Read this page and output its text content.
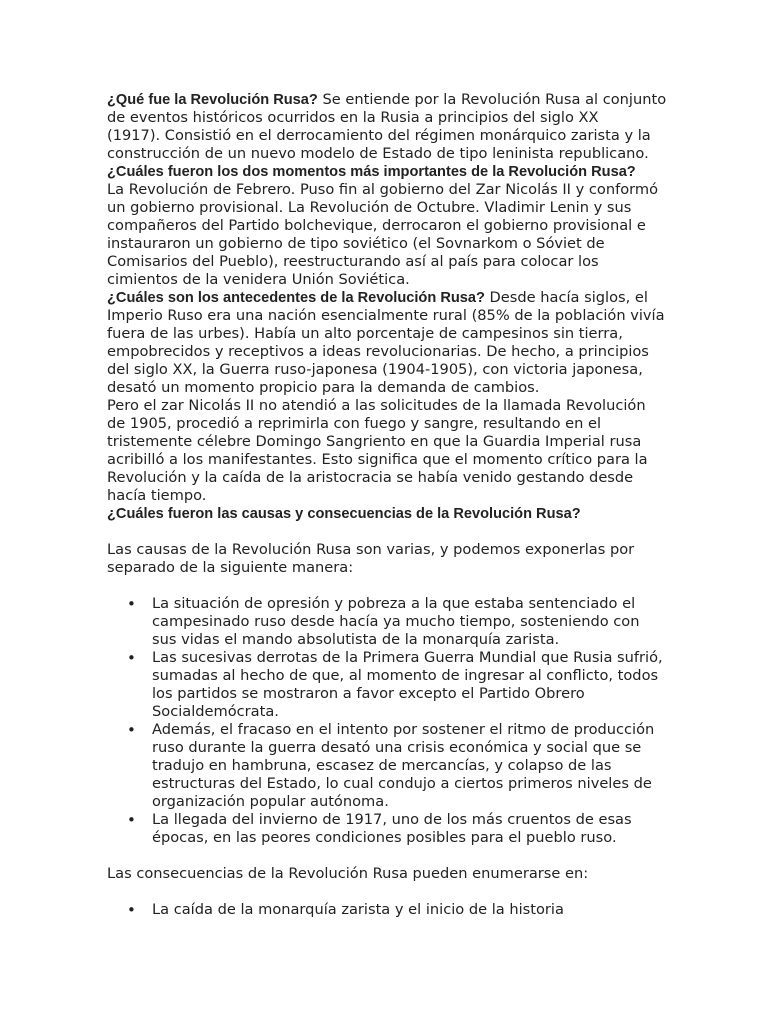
¿Qué fue la Revolución Rusa? Se entiende por la Revolución Rusa al conjunto de eventos históricos ocurridos en la Rusia a principios del siglo XX

(1917). Consistió en el derrocamiento del régimen monárquico zarista y la construcción de un nuevo modelo de Estado de tipo leninista republicano.

¿Cuáles fueron los dos momentos más importantes de la Revolución Rusa?

La Revolución de Febrero. Puso fin al gobierno del Zar Nicolás II y conformó un gobierno provisional. La Revolución de Octubre. Vladimir Lenin y sus compañeros del Partido bolchevique, derrocaron el gobierno provisional e instauraron un gobierno de tipo soviético (el Sovnarkom o Sóviet de Comisarios del Pueblo), reestructurando así al país para colocar los cimientos de la venidera Unión Soviética.

¿Cuáles son los antecedentes de la Revolución Rusa? Desde hacía siglos, el Imperio Ruso era una nación esencialmente rural (85% de la población vivía fuera de las urbes). Había un alto porcentaje de campesinos sin tierra, empobrecidos y receptivos a ideas revolucionarias. De hecho, a principios del siglo XX, la Guerra ruso-japonesa (1904-1905), con victoria japonesa, desató un momento propicio para la demanda de cambios.

Pero el zar Nicolás II no atendió a las solicitudes de la llamada Revolución de 1905, procedió a reprimirla con fuego y sangre, resultando en el tristemente célebre Domingo Sangriento en que la Guardia Imperial rusa acribilló a los manifestantes. Esto significa que el momento crítico para la Revolución y la caída de la aristocracia se había venido gestando desde hacía tiempo.

¿Cuáles fueron las causas y consecuencias de la Revolución Rusa?

Las causas de la Revolución Rusa son varias, y podemos exponerlas por separado de la siguiente manera:

• La situación de opresión y pobreza a la que estaba sentenciado el campesinado ruso desde hacía ya mucho tiempo, sosteniendo con sus vidas el mando absolutista de la monarquía zarista.
• Las sucesivas derrotas de la Primera Guerra Mundial que Rusia sufrió, sumadas al hecho de que, al momento de ingresar al conflicto, todos los partidos se mostraron a favor excepto el Partido Obrero Socialdemócrata.
• Además, el fracaso en el intento por sostener el ritmo de producción ruso durante la guerra desató una crisis económica y social que se tradujo en hambruna, escasez de mercancías, y colapso de las estructuras del Estado, lo cual condujo a ciertos primeros niveles de organización popular autónoma.
• La llegada del invierno de 1917, uno de los más cruentos de esas épocas, en las peores condiciones posibles para el pueblo ruso.

Las consecuencias de la Revolución Rusa pueden enumerarse en:

• La caída de la monarquía zarista y el inicio de la historia
